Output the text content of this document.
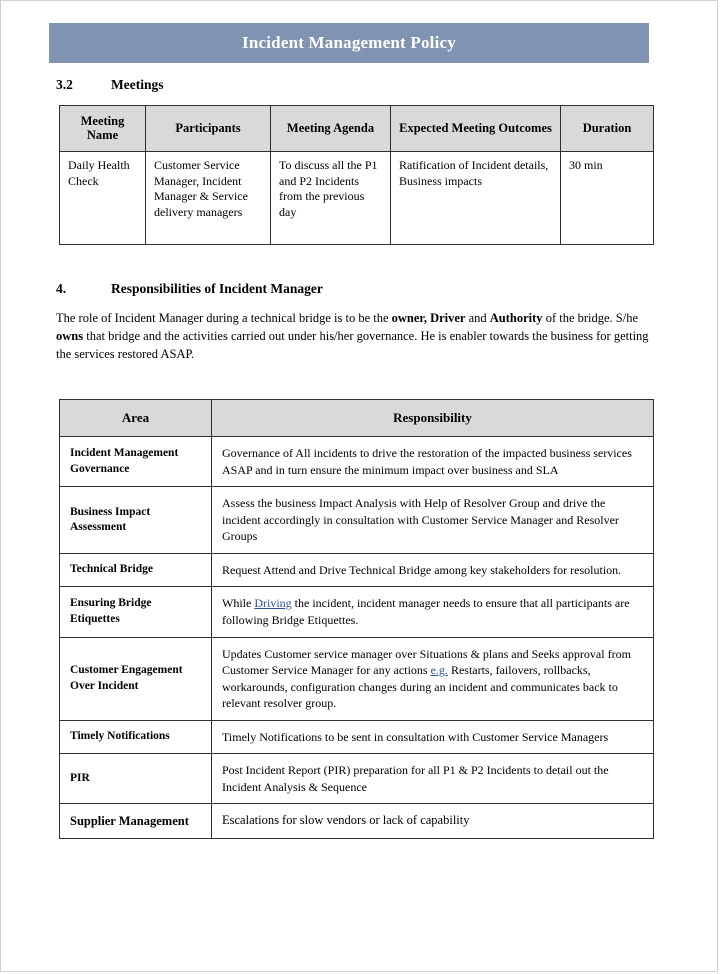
Incident Management Policy
3.2	Meetings
Meeting Name	Participants	Meeting Agenda	Expected Meeting Outcomes	Duration
Daily Health Check	Customer Service Manager, Incident Manager & Service delivery managers	To discuss all the P1 and P2 Incidents from the previous day	Ratification of Incident details, Business impacts	30 min
4.	Responsibilities of Incident Manager

The role of Incident Manager during a technical bridge is to be the owner, Driver and Authority of the bridge. S/he owns that bridge and the activities carried out under his/her governance. He is enabler towards the business for getting the services restored ASAP.

Area	Responsibility
Incident Management Governance	Governance of All incidents to drive the restoration of the impacted business services ASAP and in turn ensure the minimum impact over business and SLA
Business Impact Assessment	Assess the business Impact Analysis with Help of Resolver Group and drive the incident accordingly in consultation with Customer Service Manager and Resolver Groups
Technical Bridge	Request Attend and Drive Technical Bridge among key stakeholders for resolution.
Ensuring Bridge Etiquettes	While Driving the incident, incident manager needs to ensure that all participants are following Bridge Etiquettes.
Customer Engagement Over Incident	Updates Customer service manager over Situations & plans and Seeks approval from Customer Service Manager for any actions e.g. Restarts, failovers, rollbacks, workarounds, configuration changes during an incident and communicates back to relevant resolver group.
Timely Notifications	Timely Notifications to be sent in consultation with Customer Service Managers
PIR	Post Incident Report (PIR) preparation for all P1 & P2 Incidents to detail out the Incident Analysis & Sequence
Supplier Management	Escalations for slow vendors or lack of capability
